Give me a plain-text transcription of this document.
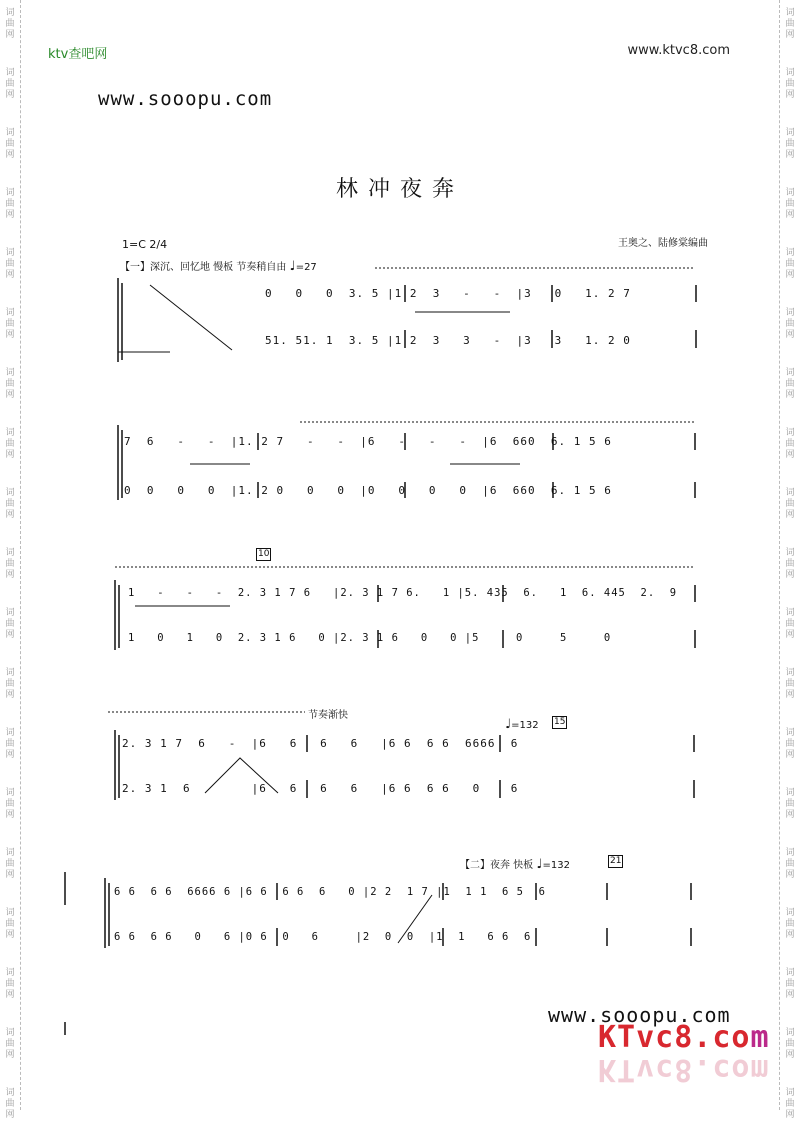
词
曲
网
词
曲
网
词
曲
网
词
曲
网
词
曲
网
词
曲
网
词
曲
网
词
曲
网
词
曲
网
词
曲
网
词
曲
网
词
曲
网
词
曲
网
词
曲
网
词
曲
网
词
曲
网
词
曲
网
词
曲
网
词
曲
网
词
曲
网
词
曲
网
词
曲
网
词
曲
网
词
曲
网
词
曲
网
词
曲
网
词
曲
网
词
曲
网
词
曲
网
词
曲
网
词
曲
网
词
曲
网
词
曲
网
词
曲
网
词
曲
网
词
曲
网
词
曲
网
词
曲
网
ktv查吧网	www.ktvc8.com
www.sooopu.com
林冲夜奔
1=C 2/4	王奥之、陆修棠编曲
【一】深沉、回忆地 慢板 节奏稍自由 ♩=27
0   0   0  3. 5 |1 2  3   -   -  |3   0   1. 2 7
51. 51. 1  3. 5 |1 2  3   3   -  |3   3   1. 2 0
7  6   -   -  |1. 2 7   -   -  |6   -   -   -  |6  660  6. 1 5 6
0  0   0   0  |1. 2 0   0   0  |0   0   0   0  |6  660  6. 1 5 6
10
1   -   -   -  2. 3 1 7 6   |2. 3 1 7 6.   1 |5. 435  6.   1  6. 445  2.  9
1   0   1   0  2. 3 1 6   0 |2. 3 1 6   0   0 |5     0     5     0
节奏渐快
♩=132 15
2. 3 1 7  6   -  |6   6   6   6   |6 6  6 6  6666  6
2. 3 1  6        |6   6   6   6   |6 6  6 6   0    6
【二】夜奔 快板 ♩=132	21
6 6  6 6  6666 6 |6 6  6 6  6   0 |2 2  1 7 |1  1 1  6 5  6
6 6  6 6   0   6 |0 6  0   6     |2  0  0  |1  1   6 6  6
www.sooopu.com
KTvc8.com
KTvc8.com
